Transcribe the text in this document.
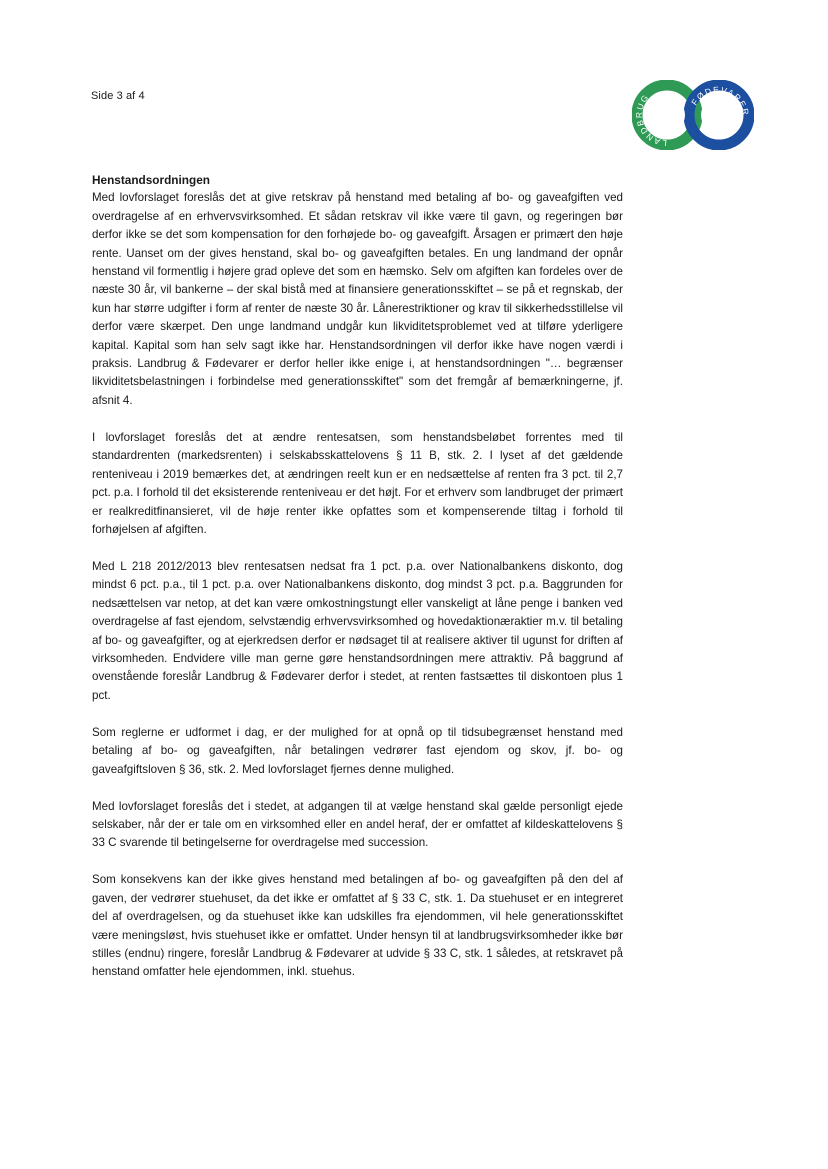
Side 3 af 4
LANDBRUG	FØDEVARER

Henstandsordningen

Med lovforslaget foreslås det at give retskrav på henstand med betaling af bo- og gaveafgiften ved overdragelse af en erhvervsvirksomhed. Et sådan retskrav vil ikke være til gavn, og regeringen bør derfor ikke se det som kompensation for den forhøjede bo- og gaveafgift. Årsagen er primært den høje rente. Uanset om der gives henstand, skal bo- og gaveafgiften betales. En ung landmand der opnår henstand vil formentlig i højere grad opleve det som en hæmsko. Selv om afgiften kan fordeles over de næste 30 år, vil bankerne – der skal bistå med at finansiere generationsskiftet – se på et regnskab, der kun har større udgifter i form af renter de næste 30 år. Lånerestriktioner og krav til sikkerhedsstillelse vil derfor være skærpet. Den unge landmand undgår kun likviditetsproblemet ved at tilføre yderligere kapital. Kapital som han selv sagt ikke har. Henstandsordningen vil derfor ikke have nogen værdi i praksis. Landbrug & Fødevarer er derfor heller ikke enige i, at henstandsordningen "… begrænser likviditetsbelastningen i forbindelse med generationsskiftet" som det fremgår af bemærkningerne, jf. afsnit 4.

I lovforslaget foreslås det at ændre rentesatsen, som henstandsbeløbet forrentes med til standardrenten (markedsrenten) i selskabsskattelovens § 11 B, stk. 2. I lyset af det gældende renteniveau i 2019 bemærkes det, at ændringen reelt kun er en nedsættelse af renten fra 3 pct. til 2,7 pct. p.a. I forhold til det eksisterende renteniveau er det højt. For et erhverv som landbruget der primært er realkreditfinansieret, vil de høje renter ikke opfattes som et kompenserende tiltag i forhold til forhøjelsen af afgiften.

Med L 218 2012/2013 blev rentesatsen nedsat fra 1 pct. p.a. over Nationalbankens diskonto, dog mindst 6 pct. p.a., til 1 pct. p.a. over Nationalbankens diskonto, dog mindst 3 pct. p.a. Baggrunden for nedsættelsen var netop, at det kan være omkostningstungt eller vanskeligt at låne penge i banken ved overdragelse af fast ejendom, selvstændig erhvervsvirksomhed og hovedaktionæraktier m.v. til betaling af bo- og gaveafgifter, og at ejerkredsen derfor er nødsaget til at realisere aktiver til ugunst for driften af virksomheden. Endvidere ville man gerne gøre henstandsordningen mere attraktiv. På baggrund af ovenstående foreslår Landbrug & Fødevarer derfor i stedet, at renten fastsættes til diskontoen plus 1 pct.

Som reglerne er udformet i dag, er der mulighed for at opnå op til tidsubegrænset henstand med betaling af bo- og gaveafgiften, når betalingen vedrører fast ejendom og skov, jf. bo- og gaveafgiftsloven § 36, stk. 2. Med lovforslaget fjernes denne mulighed.

Med lovforslaget foreslås det i stedet, at adgangen til at vælge henstand skal gælde personligt ejede selskaber, når der er tale om en virksomhed eller en andel heraf, der er omfattet af kildeskattelovens § 33 C svarende til betingelserne for overdragelse med succession.

Som konsekvens kan der ikke gives henstand med betalingen af bo- og gaveafgiften på den del af gaven, der vedrører stuehuset, da det ikke er omfattet af § 33 C, stk. 1. Da stuehuset er en integreret del af overdragelsen, og da stuehuset ikke kan udskilles fra ejendommen, vil hele generationsskiftet være meningsløst, hvis stuehuset ikke er omfattet. Under hensyn til at landbrugsvirksomheder ikke bør stilles (endnu) ringere, foreslår Landbrug & Fødevarer at udvide § 33 C, stk. 1 således, at retskravet på henstand omfatter hele ejendommen, inkl. stuehus.
